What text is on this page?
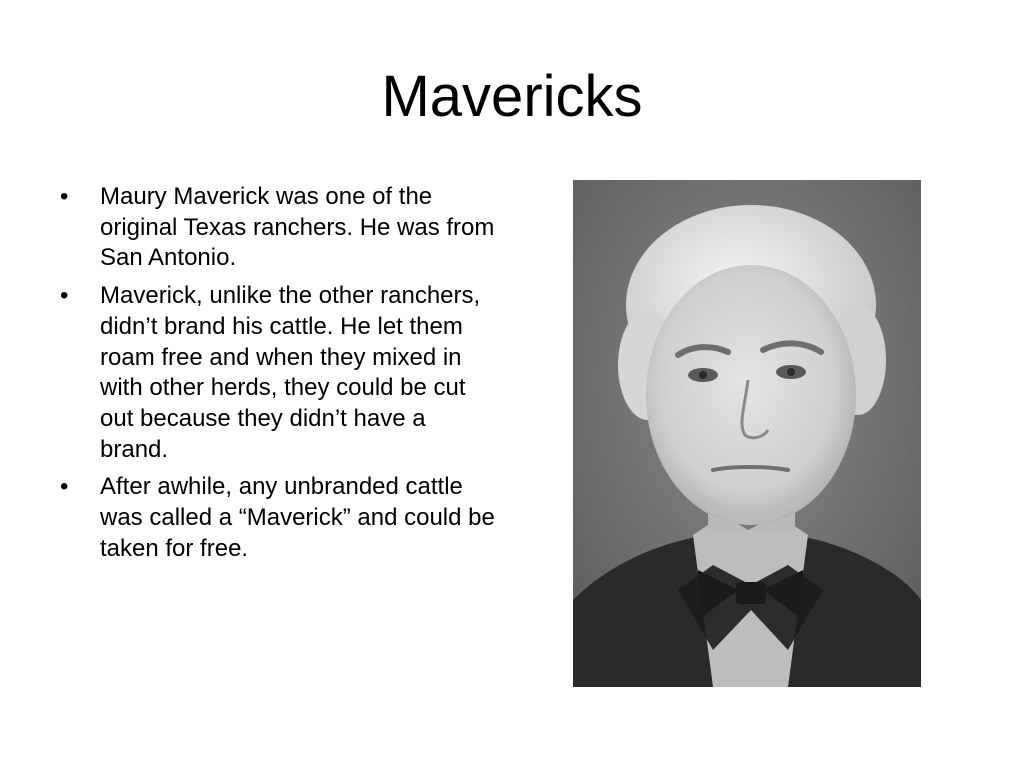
Mavericks
• Maury Maverick was one of the original Texas ranchers. He was from San Antonio.
• Maverick, unlike the other ranchers, didn’t brand his cattle. He let them roam free and when they mixed in with other herds, they could be cut out because they didn’t have a brand.
• After awhile, any unbranded cattle was called a “Maverick” and could be taken for free.
